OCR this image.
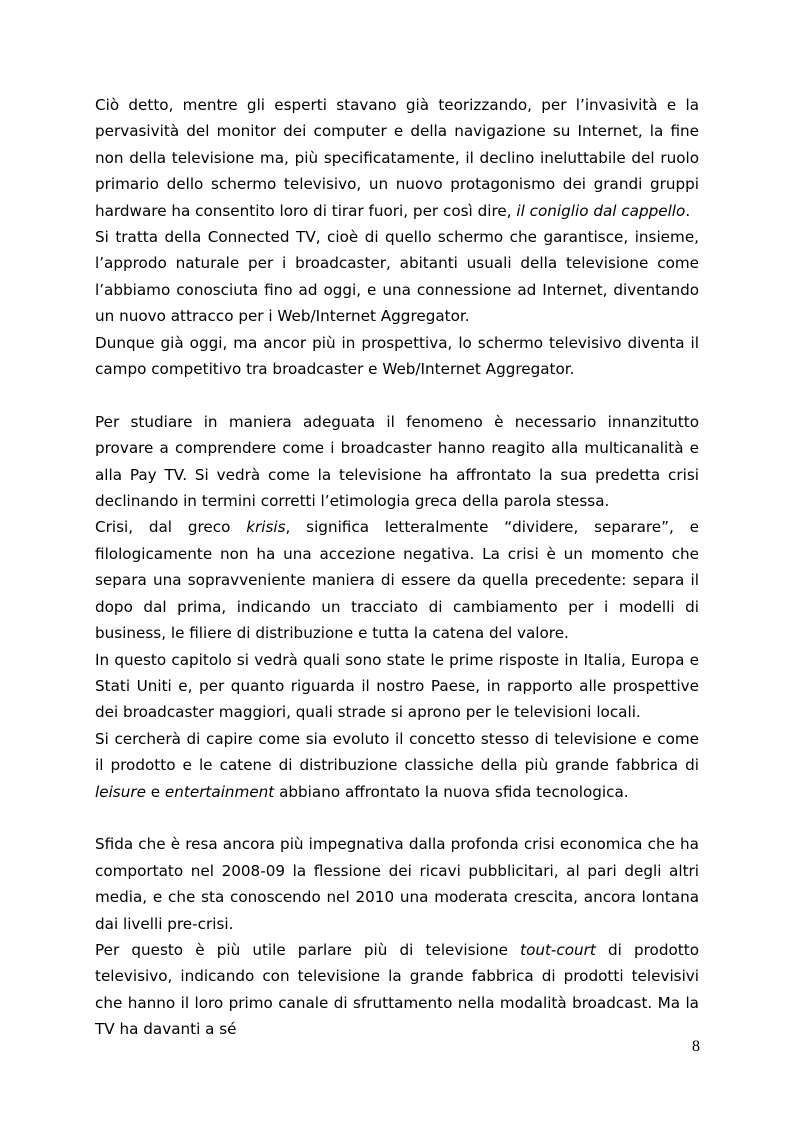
Ciò detto, mentre gli esperti stavano già teorizzando, per l’invasività e la pervasività del monitor dei computer e della navigazione su Internet, la fine non della televisione ma, più specificatamente, il declino ineluttabile del ruolo primario dello schermo televisivo, un nuovo protagonismo dei grandi gruppi hardware ha consentito loro di tirar fuori, per così dire, il coniglio dal cappello.

Si tratta della Connected TV, cioè di quello schermo che garantisce, insieme, l’approdo naturale per i broadcaster, abitanti usuali della televisione come l’abbiamo conosciuta fino ad oggi, e una connessione ad Internet, diventando un nuovo attracco per i Web/Internet Aggregator.

Dunque già oggi, ma ancor più in prospettiva, lo schermo televisivo diventa il campo competitivo tra broadcaster e Web/Internet Aggregator.

Per studiare in maniera adeguata il fenomeno è necessario innanzitutto provare a comprendere come i broadcaster hanno reagito alla multicanalità e alla Pay TV. Si vedrà come la televisione ha affrontato la sua predetta crisi declinando in termini corretti l’etimologia greca della parola stessa.

Crisi, dal greco krisis, significa letteralmente “dividere, separare”, e filologicamente non ha una accezione negativa. La crisi è un momento che separa una sopravveniente maniera di essere da quella precedente: separa il dopo dal prima, indicando un tracciato di cambiamento per i modelli di business, le filiere di distribuzione e tutta la catena del valore.

In questo capitolo si vedrà quali sono state le prime risposte in Italia, Europa e Stati Uniti e, per quanto riguarda il nostro Paese, in rapporto alle prospettive dei broadcaster maggiori, quali strade si aprono per le televisioni locali.

Si cercherà di capire come sia evoluto il concetto stesso di televisione e come il prodotto e le catene di distribuzione classiche della più grande fabbrica di leisure e entertainment abbiano affrontato la nuova sfida tecnologica.

Sfida che è resa ancora più impegnativa dalla profonda crisi economica che ha comportato nel 2008-09 la flessione dei ricavi pubblicitari, al pari degli altri media, e che sta conoscendo nel 2010 una moderata crescita, ancora lontana dai livelli pre-crisi.

Per questo è più utile parlare più di televisione tout-court di prodotto televisivo, indicando con televisione la grande fabbrica di prodotti televisivi che hanno il loro primo canale di sfruttamento nella modalità broadcast. Ma la TV ha davanti a sé

8
